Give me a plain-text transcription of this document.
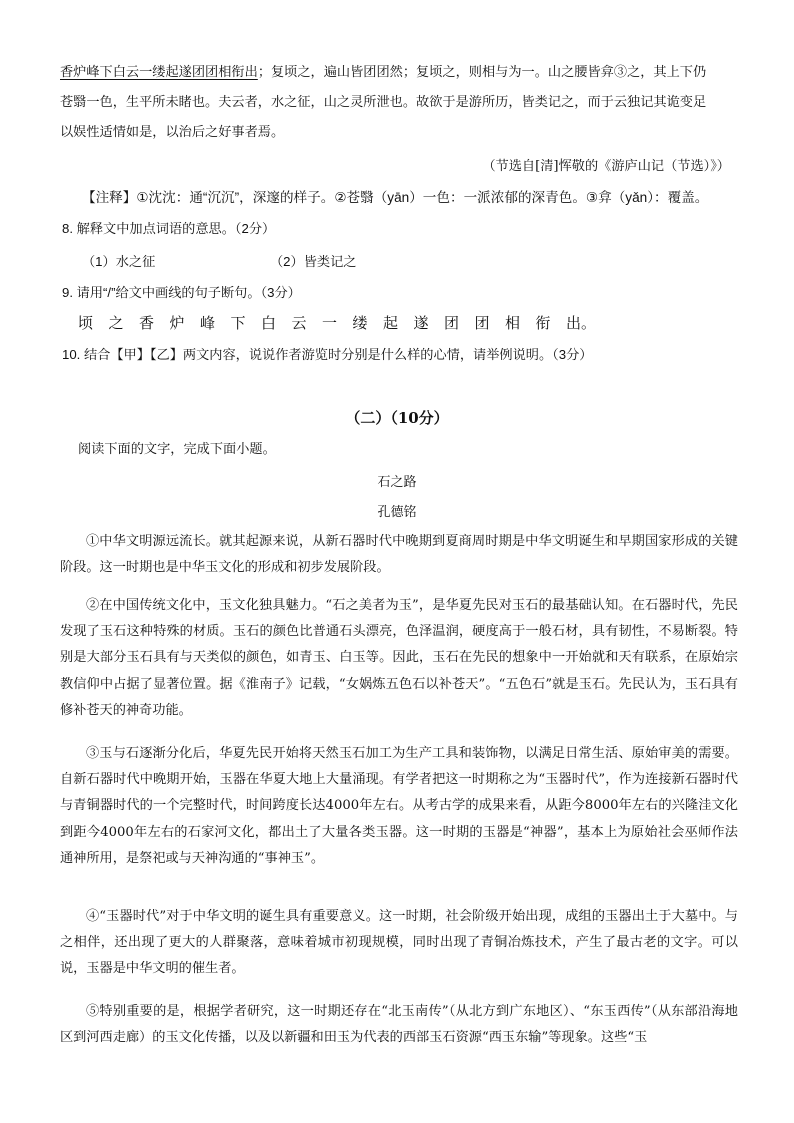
香炉峰下白云一缕起遂团团相衔出；复顷之，遍山皆团团然；复顷之，则相与为一。山之腰皆弇③之，其上下仍
苍翳一色，生平所未睹也。夫云者，水之征，山之灵所泄也。故欲于是游所历，皆类记之，而于云独记其诡变足
以娱性适情如是，以治后之好事者焉。
（节选自[清]恽敬的《游庐山记（节选）》）
【注释】①沈沈：通“沉沉”，深邃的样子。②苍翳（yān）一色：一派浓郁的深青色。③弇（yǎn）：覆盖。
8. 解释文中加点词语的意思。（2分）
（1）水之征	（2）皆类记之
9. 请用“/”给文中画线的句子断句。（3分）
顷 之 香 炉 峰 下 白 云 一 缕 起 遂 团 团 相 衔 出。
10. 结合【甲】【乙】两文内容，说说作者游览时分别是什么样的心情，请举例说明。（3分）
（二）（10分）
阅读下面的文字，完成下面小题。
石之路
孔德铭
①中华文明源远流长。就其起源来说，从新石器时代中晚期到夏商周时期是中华文明诞生和早期国家形成的关键阶段。这一时期也是中华玉文化的形成和初步发展阶段。
②在中国传统文化中，玉文化独具魅力。“石之美者为玉”，是华夏先民对玉石的最基础认知。在石器时代，先民发现了玉石这种特殊的材质。玉石的颜色比普通石头漂亮，色泽温润，硬度高于一般石材，具有韧性，不易断裂。特别是大部分玉石具有与天类似的颜色，如青玉、白玉等。因此，玉石在先民的想象中一开始就和天有联系，在原始宗教信仰中占据了显著位置。据《淮南子》记载，“女娲炼五色石以补苍天”。“五色石”就是玉石。先民认为，玉石具有修补苍天的神奇功能。
③玉与石逐渐分化后，华夏先民开始将天然玉石加工为生产工具和装饰物，以满足日常生活、原始审美的需要。自新石器时代中晚期开始，玉器在华夏大地上大量涌现。有学者把这一时期称之为“玉器时代”，作为连接新石器时代与青铜器时代的一个完整时代，时间跨度长达4000年左右。从考古学的成果来看，从距今8000年左右的兴隆洼文化到距今4000年左右的石家河文化，都出土了大量各类玉器。这一时期的玉器是“神器”，基本上为原始社会巫师作法通神所用，是祭祀或与天神沟通的“事神玉”。
④“玉器时代”对于中华文明的诞生具有重要意义。这一时期，社会阶级开始出现，成组的玉器出土于大墓中。与之相伴，还出现了更大的人群聚落，意味着城市初现规模，同时出现了青铜冶炼技术，产生了最古老的文字。可以说，玉器是中华文明的催生者。
⑤特别重要的是，根据学者研究，这一时期还存在“北玉南传”（从北方到广东地区）、“东玉西传”（从东部沿海地区到河西走廊）的玉文化传播，以及以新疆和田玉为代表的西部玉石资源“西玉东输”等现象。这些“玉
